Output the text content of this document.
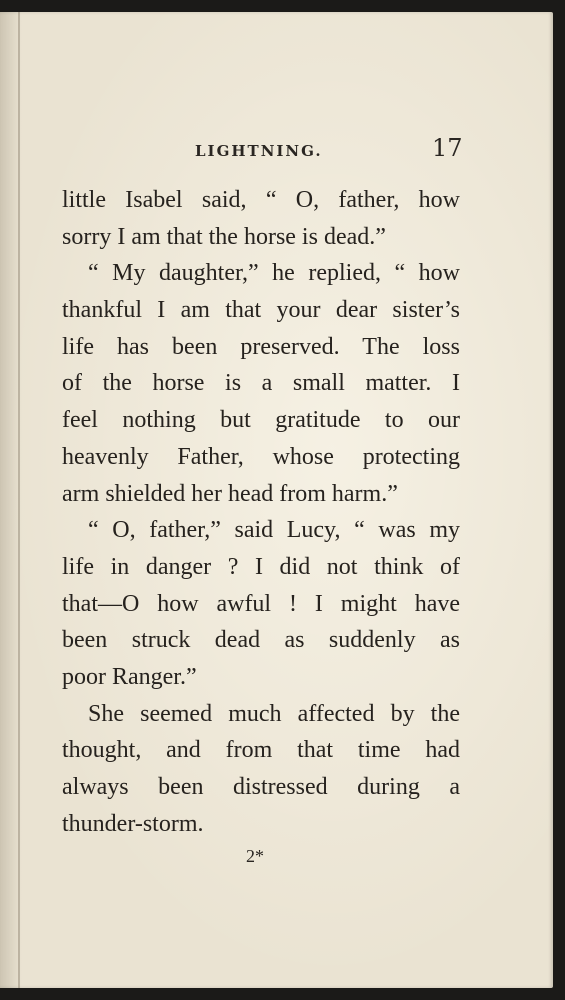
LIGHTNING.	17
little Isabel said, “ O, father, how
sorry I am that the horse is dead.”
“ My daughter,” he replied, “ how
thankful I am that your dear sister’s
life has been preserved. The loss
of the horse is a small matter. I
feel nothing but gratitude to our
heavenly Father, whose protecting
arm shielded her head from harm.”
“ O, father,” said Lucy, “ was my
life in danger ? I did not think of
that—O how awful ! I might have
been struck dead as suddenly as
poor Ranger.”
She seemed much affected by the
thought, and from that time had
always been distressed during a
thunder-storm.
2*
